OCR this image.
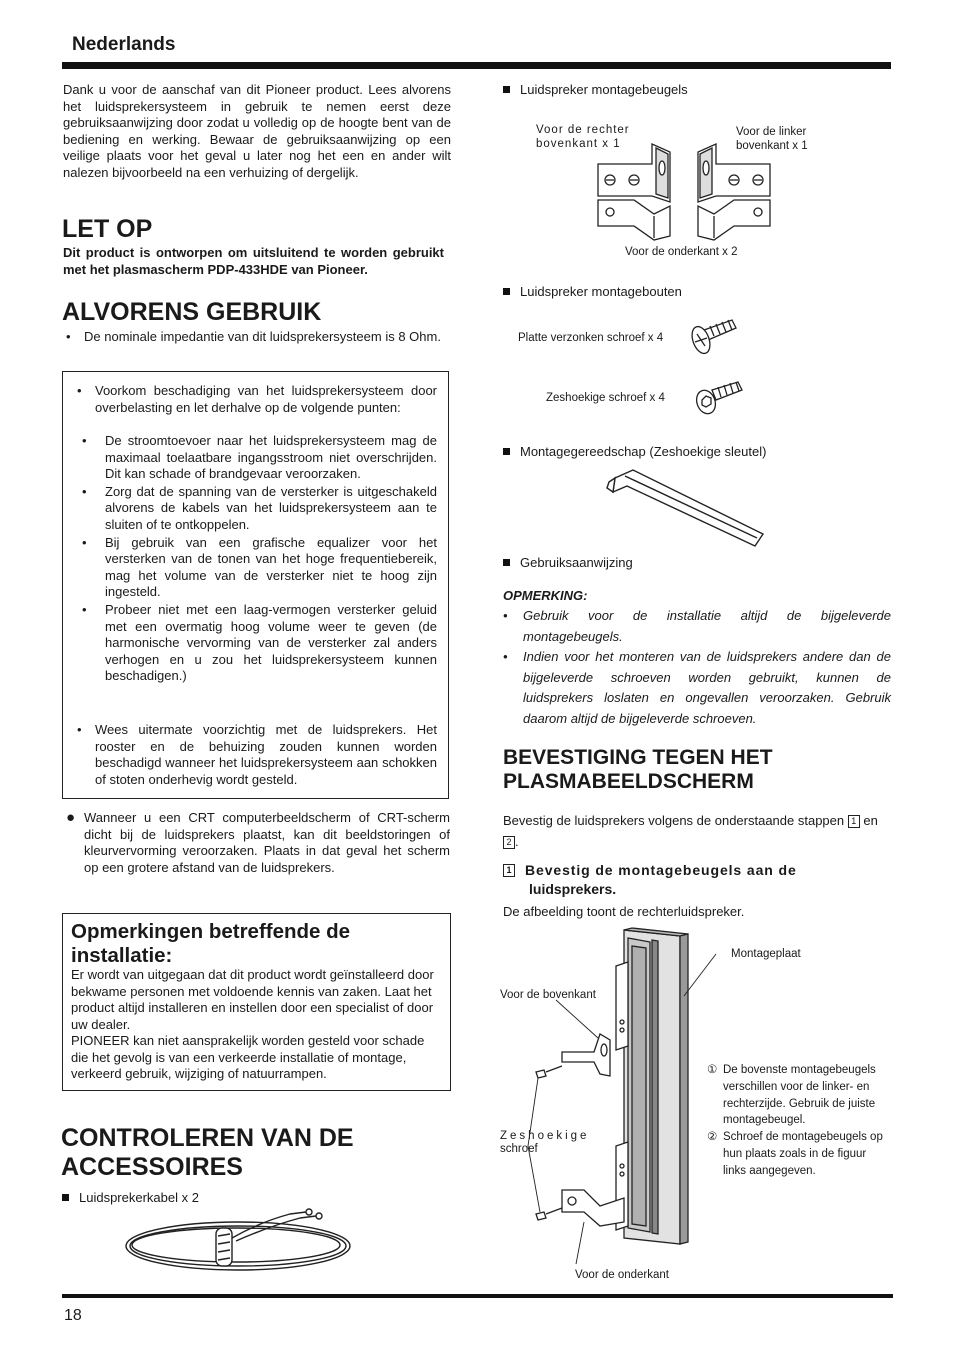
Nederlands
Dank u voor de aanschaf van dit Pioneer product. Lees alvorens het luidsprekersysteem in gebruik te nemen eerst deze gebruiksaanwijzing door zodat u volledig op de hoogte bent van de bediening en werking. Bewaar de gebruiksaanwijzing op een veilige plaats voor het geval u later nog het een en ander wilt nalezen bijvoorbeeld na een verhuizing of dergelijk.
LET OP
Dit product is ontworpen om uitsluitend te worden gebruikt met het plasmascherm PDP-433HDE van Pioneer.
ALVORENS GEBRUIK
• De nominale impedantie van dit luidsprekersysteem is 8 Ohm.
• Voorkom beschadiging van het luidsprekersysteem door overbelasting en let derhalve op de volgende punten:
• De stroomtoevoer naar het luidsprekersysteem mag de maximaal toelaatbare ingangsstroom niet overschrijden. Dit kan schade of brandgevaar veroorzaken.
• Zorg dat de spanning van de versterker is uitgeschakeld alvorens de kabels van het luidsprekersysteem aan te sluiten of te ontkoppelen.
• Bij gebruik van een grafische equalizer voor het versterken van de tonen van het hoge frequentiebereik, mag het volume van de versterker niet te hoog zijn ingesteld.
• Probeer niet met een laag-vermogen versterker geluid met een overmatig hoog volume weer te geven (de harmonische vervorming van de versterker zal anders verhogen en u zou het luidsprekersysteem kunnen beschadigen.)
• Wees uitermate voorzichtig met de luidsprekers. Het rooster en de behuizing zouden kunnen worden beschadigd wanneer het luidsprekersysteem aan schokken of stoten onderhevig wordt gesteld.
● Wanneer u een CRT computerbeeldscherm of CRT-scherm dicht bij de luidsprekers plaatst, kan dit beeldstoringen of kleurvervorming veroorzaken. Plaats in dat geval het scherm op een grotere afstand van de luidsprekers.
Opmerkingen betreffende de installatie:
Er wordt van uitgegaan dat dit product wordt geïnstalleerd door bekwame personen met voldoende kennis van zaken. Laat het product altijd installeren en instellen door een specialist of door uw dealer.
PIONEER kan niet aansprakelijk worden gesteld voor schade die het gevolg is van een verkeerde installatie of montage, verkeerd gebruik, wijziging of natuurrampen.
CONTROLEREN VAN DE
ACCESSOIRES
Luidsprekerkabel x 2
Luidspreker montagebeugels
Voor de rechter
bovenkant x 1
Voor de linker
bovenkant x 1
Voor de onderkant x 2
Luidspreker montagebouten
Platte verzonken schroef x 4
Zeshoekige schroef x 4
Montagegereedschap (Zeshoekige sleutel)
Gebruiksaanwijzing
OPMERKING:
• Gebruik voor de installatie altijd de bijgeleverde montagebeugels.
• Indien voor het monteren van de luidsprekers andere dan de bijgeleverde schroeven worden gebruikt, kunnen de luidsprekers loslaten en ongevallen veroorzaken. Gebruik daarom altijd de bijgeleverde schroeven.
BEVESTIGING TEGEN HET
PLASMABEELDSCHERM
Bevestig de luidsprekers volgens de onderstaande stappen 1 en 2 .
1 Bevestig de montagebeugels aan de
luidsprekers.
De afbeelding toont de rechterluidspreker.
Montageplaat
Voor de bovenkant
Zeshoekige
schroef
Voor de onderkant
① De bovenste montagebeugels verschillen voor de linker- en rechterzijde. Gebruik de juiste montagebeugel.
② Schroef de montagebeugels op hun plaats zoals in de figuur links aangegeven.
18
